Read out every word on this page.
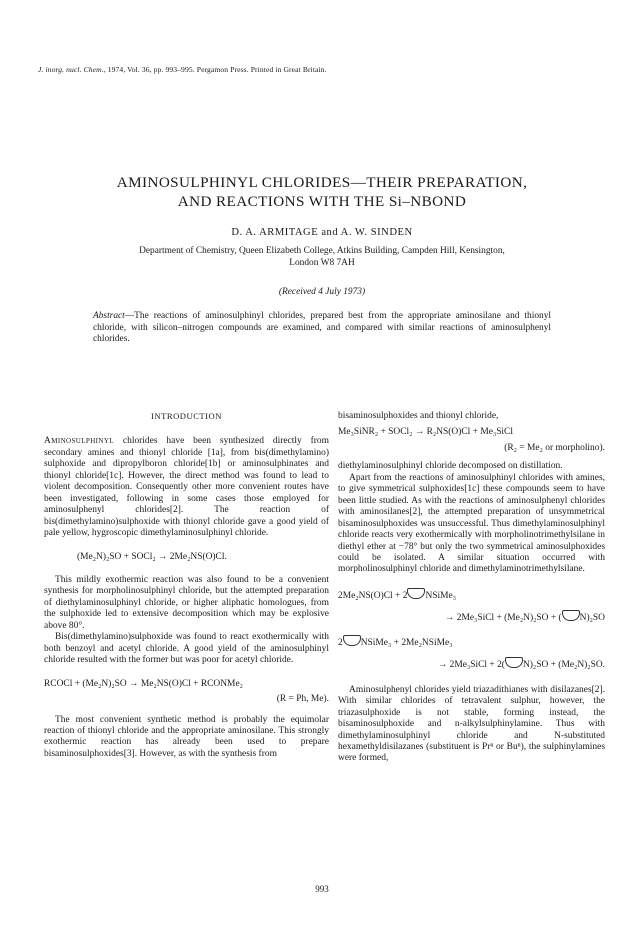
J. inorg. nucl. Chem., 1974, Vol. 36, pp. 993–995. Pergamon Press. Printed in Great Britain.
AMINOSULPHINYL CHLORIDES—THEIR PREPARATION,
AND REACTIONS WITH THE Si–NBOND
D. A. ARMITAGE and A. W. SINDEN
Department of Chemistry, Queen Elizabeth College, Atkins Building, Campden Hill, Kensington,
London W8 7AH
(Received 4 July 1973)
Abstract—The reactions of aminosulphinyl chlorides, prepared best from the appropriate aminosilane and thionyl chloride, with silicon–nitrogen compounds are examined, and compared with similar reactions of aminosulphenyl chlorides.
INTRODUCTION
Aminosulphinyl chlorides have been synthesized directly from secondary amines and thionyl chloride [1a], from bis(dimethylamino) sulphoxide and dipropylboron chloride[1b] or aminosulphinates and thionyl chloride[1c]. However, the direct method was found to lead to violent decomposition. Consequently other more convenient routes have been investigated, following in some cases those employed for aminosulphenyl chlorides[2]. The reaction of bis(dimethylamino)sulphoxide with thionyl chloride gave a good yield of pale yellow, hygroscopic dimethylaminosulphinyl chloride.
(Me₂N)₂SO + SOCl₂ → 2Me₂NS(O)Cl.
This mildly exothermic reaction was also found to be a convenient synthesis for morpholinosulphinyl chloride, but the attempted preparation of diethylaminosulphinyl chloride, or higher aliphatic homologues, from the sulphoxide led to extensive decomposition which may be explosive above 80°.
Bis(dimethylamino)sulphoxide was found to react exothermically with both benzoyl and acetyl chloride. A good yield of the aminosulphinyl chloride resulted with the former but was poor for acetyl chloride.
RCOCl + (Me₂N)₂SO → Me₂NS(O)Cl + RCONMe₂
(R = Ph, Me).
The most convenient synthetic method is probably the equimolar reaction of thionyl chloride and the appropriate aminosilane. This strongly exothermic reaction has already been used to prepare bisaminosulphoxides[3]. However, as with the synthesis from
bisaminosulphoxides and thionyl chloride,
Me₃SiNR₂ + SOCl₂ → R₂NS(O)Cl + Me₃SiCl
(R₂ = Me₂ or morpholino).
diethylaminosulphinyl chloride decomposed on distillation.
Apart from the reactions of aminosulphinyl chlorides with amines, to give symmetrical sulphoxides[1c] these compounds seem to have been little studied. As with the reactions of aminosulphenyl chlorides with aminosilanes[2], the attempted preparation of unsymmetrical bisaminosulphoxides was unsuccessful. Thus dimethylaminosulphinyl chloride reacts very exothermically with morpholinotrimethylsilane in diethyl ether at −78° but only the two symmetrical aminosulphoxides could be isolated. A similar situation occurred with morpholinosulphinyl chloride and dimethylaminotrimethylsilane.
2Me₂NS(O)Cl + 2 NSiMe₃
→ 2Me₃SiCl + (Me₂N)₂SO + ( N)₂SO
2 NSiMe₃ + 2Me₂NSiMe₃
→ 2Me₃SiCl + 2( N)₂SO + (Me₂N)₂SO.
Aminosulphenyl chlorides yield triazadithianes with disilazanes[2]. With similar chlorides of tetravalent sulphur, however, the triazasulphoxide is not stable, forming instead, the bisaminosulphoxide and n-alkylsulphinylamine. Thus with dimethylaminosulphinyl chloride and N-substituted hexamethyldisilazanes (substituent is Prⁿ or Buⁿ), the sulphinylamines were formed,
993
